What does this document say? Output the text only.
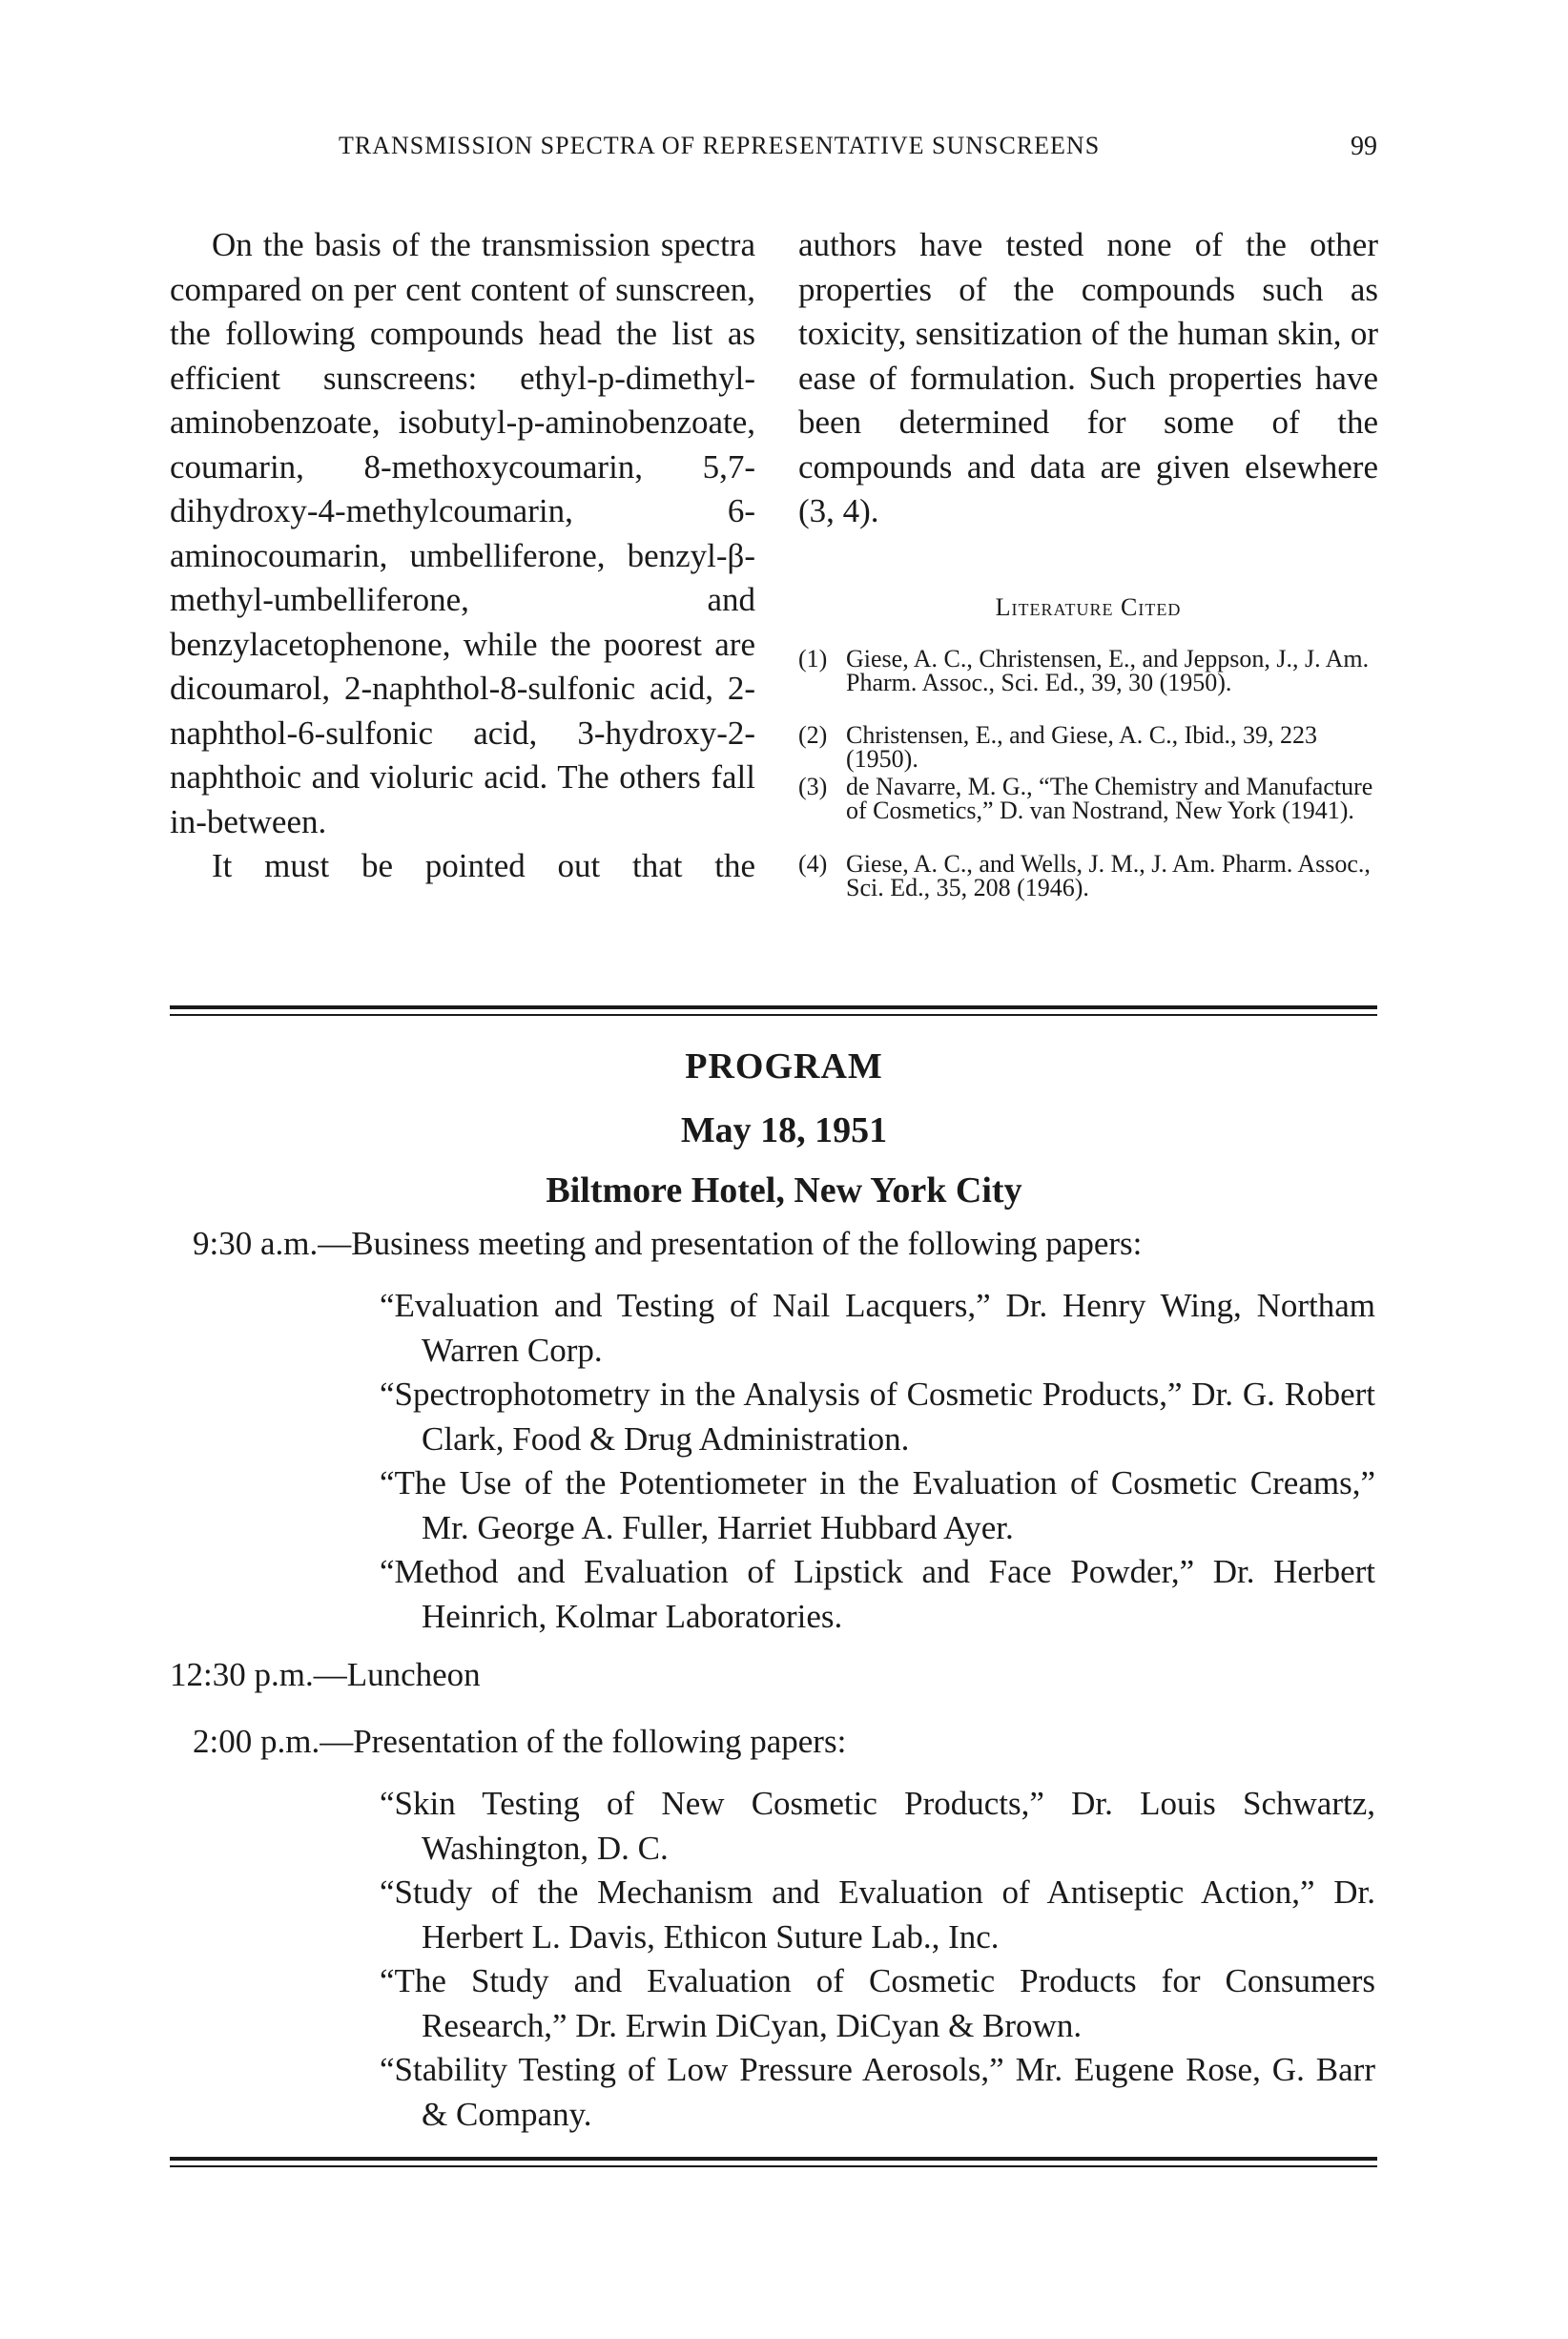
TRANSMISSION SPECTRA OF REPRESENTATIVE SUNSCREENS	99

On the basis of the transmission spectra compared on per cent content of sunscreen, the following compounds head the list as efficient sunscreens: ethyl-p-dimethyl-aminobenzoate, isobutyl-p-aminobenzoate, coumarin, 8-methoxycoumarin, 5,7-dihydroxy-4-methylcoumarin, 6-aminocoumarin, umbelliferone, benzyl-β-methyl-umbelliferone, and benzylacetophenone, while the poorest are dicoumarol, 2-naphthol-8-sulfonic acid, 2-naphthol-6-sulfonic acid, 3-hydroxy-2-naphthoic and violuric acid. The others fall in-between.

It must be pointed out that the

authors have tested none of the other properties of the compounds such as toxicity, sensitization of the human skin, or ease of formulation. Such properties have been determined for some of the compounds and data are given elsewhere (3, 4).

Literature Cited

(1) Giese, A. C., Christensen, E., and Jeppson, J., J. Am. Pharm. Assoc., Sci. Ed., 39, 30 (1950).
(2) Christensen, E., and Giese, A. C., Ibid., 39, 223 (1950).
(3) de Navarre, M. G., “The Chemistry and Manufacture of Cosmetics,” D. van Nostrand, New York (1941).
(4) Giese, A. C., and Wells, J. M., J. Am. Pharm. Assoc., Sci. Ed., 35, 208 (1946).
PROGRAM
May 18, 1951
Biltmore Hotel, New York City
9:30 a.m.—Business meeting and presentation of the following papers:
“Evaluation and Testing of Nail Lacquers,” Dr. Henry Wing, Northam Warren Corp.
“Spectrophotometry in the Analysis of Cosmetic Products,” Dr. G. Robert Clark, Food & Drug Administration.
“The Use of the Potentiometer in the Evaluation of Cosmetic Creams,” Mr. George A. Fuller, Harriet Hubbard Ayer.
“Method and Evaluation of Lipstick and Face Powder,” Dr. Herbert Heinrich, Kolmar Laboratories.
12:30 p.m.—Luncheon
2:00 p.m.—Presentation of the following papers:
“Skin Testing of New Cosmetic Products,” Dr. Louis Schwartz, Washington, D. C.
“Study of the Mechanism and Evaluation of Antiseptic Action,” Dr. Herbert L. Davis, Ethicon Suture Lab., Inc.
“The Study and Evaluation of Cosmetic Products for Consumers Research,” Dr. Erwin DiCyan, DiCyan & Brown.
“Stability Testing of Low Pressure Aerosols,” Mr. Eugene Rose, G. Barr & Company.
